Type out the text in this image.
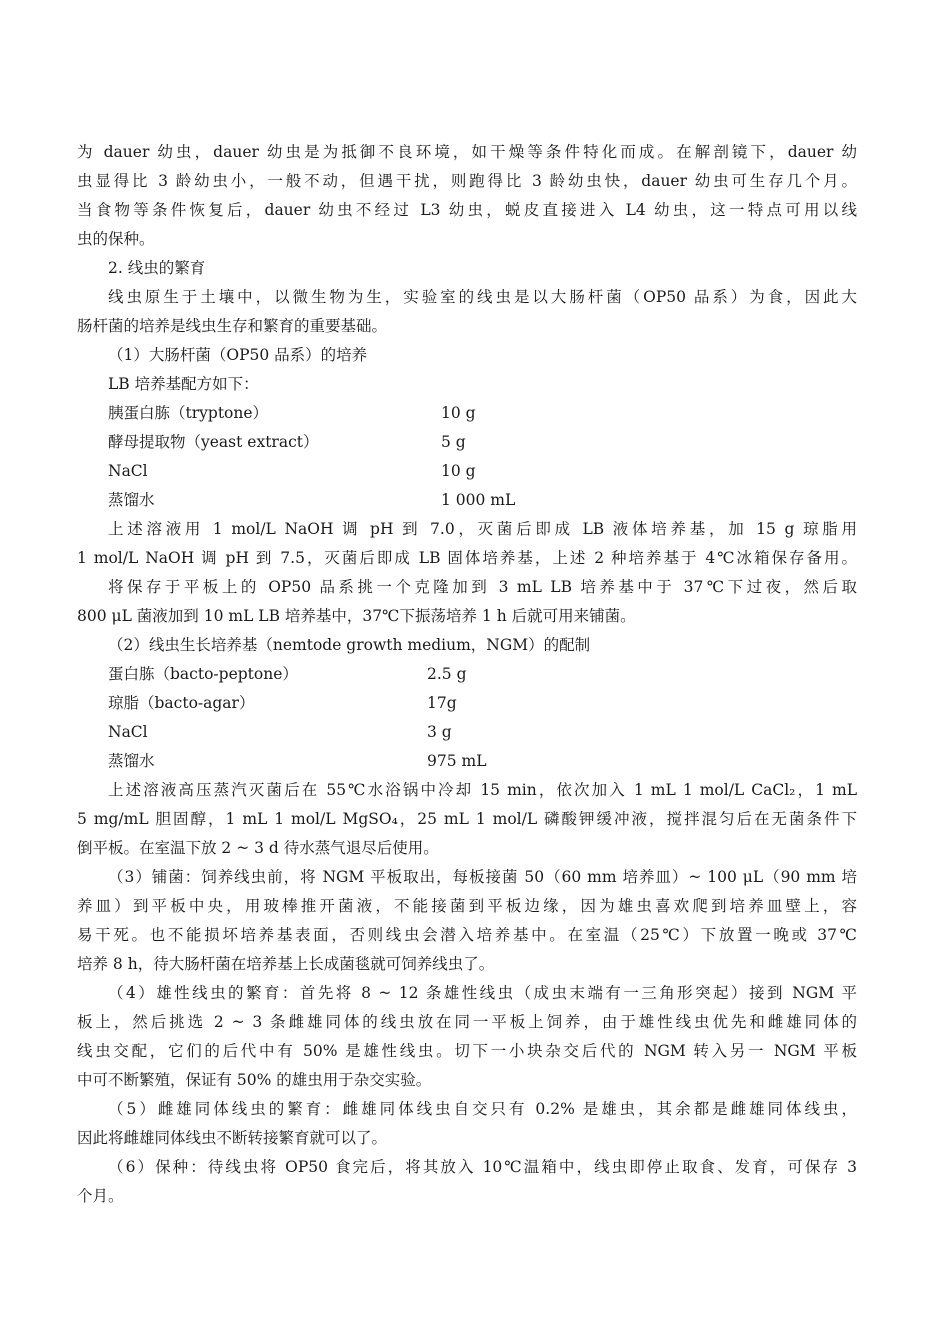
为 dauer 幼虫，dauer 幼虫是为抵御不良环境，如干燥等条件特化而成。在解剖镜下，dauer 幼
虫显得比 3 龄幼虫小，一般不动，但遇干扰，则跑得比 3 龄幼虫快，dauer 幼虫可生存几个月。
当食物等条件恢复后，dauer 幼虫不经过 L3 幼虫，蜕皮直接进入 L4 幼虫，这一特点可用以线
虫的保种。
2. 线虫的繁育
线虫原生于土壤中，以微生物为生，实验室的线虫是以大肠杆菌（OP50 品系）为食，因此大
肠杆菌的培养是线虫生存和繁育的重要基础。
（1）大肠杆菌（OP50 品系）的培养
LB 培养基配方如下：
胰蛋白胨（tryptone）	10 g
酵母提取物（yeast extract）	5 g
NaCl	10 g
蒸馏水	1 000 mL
上述溶液用 1 mol/L NaOH 调 pH 到 7.0，灭菌后即成 LB 液体培养基，加 15 g 琼脂用
1 mol/L NaOH 调 pH 到 7.5，灭菌后即成 LB 固体培养基，上述 2 种培养基于 4℃冰箱保存备用。
将保存于平板上的 OP50 品系挑一个克隆加到 3 mL LB 培养基中于 37℃下过夜，然后取
800 μL 菌液加到 10 mL LB 培养基中，37℃下振荡培养 1 h 后就可用来铺菌。
（2）线虫生长培养基（nemtode growth medium，NGM）的配制
蛋白胨（bacto-peptone）	2.5 g
琼脂（bacto-agar）	17g
NaCl	3 g
蒸馏水	975 mL
上述溶液高压蒸汽灭菌后在 55℃水浴锅中冷却 15 min，依次加入 1 mL 1 mol/L CaCl₂，1 mL
5 mg/mL 胆固醇，1 mL 1 mol/L MgSO₄，25 mL 1 mol/L 磷酸钾缓冲液，搅拌混匀后在无菌条件下
倒平板。在室温下放 2 ~ 3 d 待水蒸气退尽后使用。
（3）铺菌：饲养线虫前，将 NGM 平板取出，每板接菌 50（60 mm 培养皿）~ 100 μL（90 mm 培
养皿）到平板中央，用玻棒推开菌液，不能接菌到平板边缘，因为雄虫喜欢爬到培养皿壁上，容
易干死。也不能损坏培养基表面，否则线虫会潜入培养基中。在室温（25℃）下放置一晚或 37℃
培养 8 h，待大肠杆菌在培养基上长成菌毯就可饲养线虫了。
（4）雄性线虫的繁育：首先将 8 ~ 12 条雄性线虫（成虫末端有一三角形突起）接到 NGM 平
板上，然后挑选 2 ~ 3 条雌雄同体的线虫放在同一平板上饲养，由于雄性线虫优先和雌雄同体的
线虫交配，它们的后代中有 50% 是雄性线虫。切下一小块杂交后代的 NGM 转入另一 NGM 平板
中可不断繁殖，保证有 50% 的雄虫用于杂交实验。
（5）雌雄同体线虫的繁育：雌雄同体线虫自交只有 0.2% 是雄虫，其余都是雌雄同体线虫，
因此将雌雄同体线虫不断转接繁育就可以了。
（6）保种：待线虫将 OP50 食完后，将其放入 10℃温箱中，线虫即停止取食、发育，可保存 3
个月。
